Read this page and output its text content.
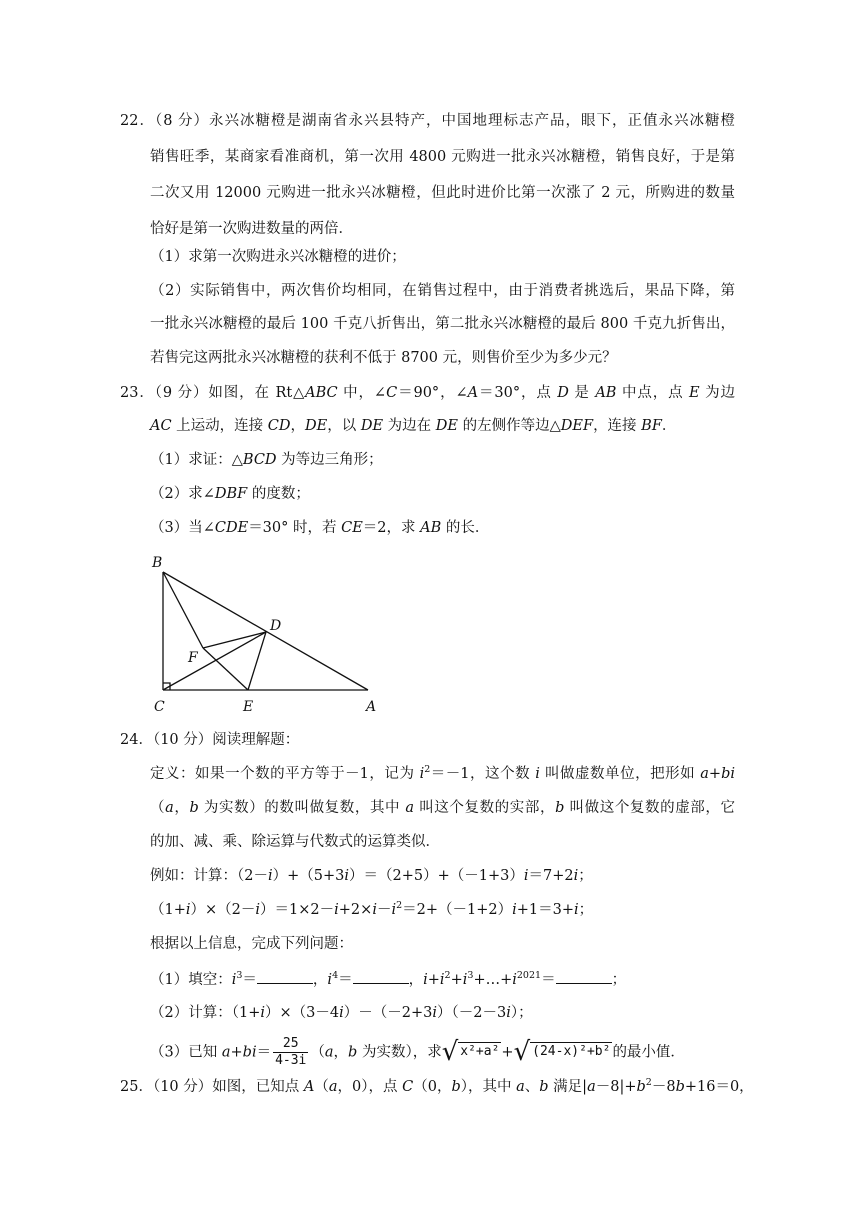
22．（8 分）永兴冰糖橙是湖南省永兴县特产，中国地理标志产品，眼下，正值永兴冰糖橙
销售旺季，某商家看准商机，第一次用 4800 元购进一批永兴冰糖橙，销售良好，于是第
二次又用 12000 元购进一批永兴冰糖橙，但此时进价比第一次涨了 2 元，所购进的数量
恰好是第一次购进数量的两倍．
（1）求第一次购进永兴冰糖橙的进价；
（2）实际销售中，两次售价均相同，在销售过程中，由于消费者挑选后，果品下降，第
一批永兴冰糖橙的最后 100 千克八折售出，第二批永兴冰糖橙的最后 800 千克九折售出，
若售完这两批永兴冰糖橙的获利不低于 8700 元，则售价至少为多少元？
23．（9 分）如图，在 Rt△ABC 中，∠C＝90°，∠A＝30°，点 D 是 AB 中点，点 E 为边
AC 上运动，连接 CD，DE，以 DE 为边在 DE 的左侧作等边△DEF，连接 BF．
（1）求证：△BCD 为等边三角形；
（2）求∠DBF 的度数；
（3）当∠CDE＝30° 时，若 CE＝2，求 AB 的长．
B
D
F
C	E	A
24．（10 分）阅读理解题：
定义：如果一个数的平方等于－1，记为 $i^2=-1$，这个数 i 叫做虚数单位，把形如 a+bi
（a，b 为实数）的数叫做复数，其中 a 叫这个复数的实部，b 叫做这个复数的虚部，它
的加、减、乘、除运算与代数式的运算类似．
例如：计算：（2－i）+（5+3i）＝（2+5）+（－1+3）i＝7+2i；
$(1+i)\times(2-i)=1\times 2-i+2\times i-i^2=2+(-1+2)i+1=3+i$；
根据以上信息，完成下列问题：
（1）填空：$i^3=$	，$i^4=$	，$i+i^2+i^3+\dots+i^{2021}=$	；
（2）计算：（1+i）×（3－4i）－（－2+3i）（－2－3i）；
（3）已知 $a+bi= \frac{25}{4-3i} (a$，b 为实数），求√ x²+a² +√ (24-x)²+b² 的最小值．
25．（10 分）如图，已知点 A（a，0），点 C（0，b），其中 a、b 满足$|a-8|+b^2-8b+16=0$，
